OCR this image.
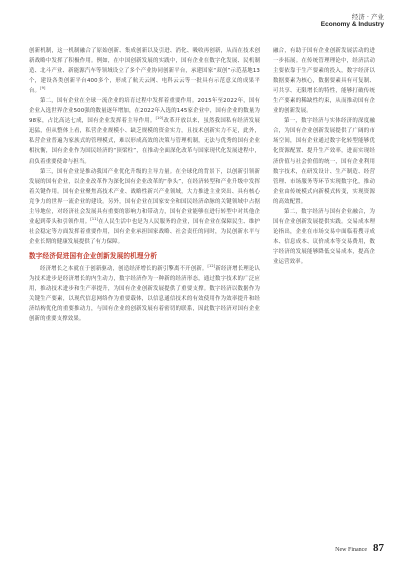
经济 · 产业
Economy & Industry

创新机制，这一机制融合了原始创新、集成创新以及引进、消化、吸收再创新，从而在技术创新战略中发挥了积极作用。例如，在中国创新发展的实践中，国有企业在数字化发展、民机制造、北斗产业、新能源汽车等领域设立了多个产业协同创新平台，承建国家“双创”示范基地13个，建设各类创新平台400多个，形成了航天云网、电科云云等一批具有示范意义的成果平台。[9]

第二，国有企业在全球一流企业的培育过程中发挥着重要作用。2015年至2022年，国有企业入选世界企业500强的数量逐年增加，在2022年入选的145家企业中，国有企业的数量为98家，占比高达七成，国有企业发挥着主导作用。[10]改革开放以来，虽然我国私有经济发展迅猛，但从整体上看，私营企业规模小、缺乏规模的资金实力，且技术创新实力不足，此外，私营企业普遍为家族式的管理模式，难以形成高效的决策与管理机制，无法与优秀的国有企业相抗衡，国有企业作为国民经济的“顶梁柱”，在推动全面深化改革与国家现代化发展进程中，肩负着重要使命与担当。

第三，国有企业是推动我国产业优化升级的主导力量。在全球化的背景下，以创新引领新发展的国有企业，以企业改革作为深化国有企业改革的“拳头”，在经济转型和产业升级中发挥着关键作用。国有企业聚焦高技术产业、战略性新兴产业领域，大力推进主业突出、具有核心竞争力的世界一流企业的建设。另外，国有企业在国家安全和国民经济命脉的关键领域中占据主导地位，对经济社会发展具有重要的影响力和带动力，国有企业能够在进行转型中对其他企业起到带头和引领作用。[11]在人民生活中也是为人民服务的企业，国有企业在保障民生、维护社会稳定等方面发挥着重要作用，国有企业承担国家战略、社会责任的同时，为民创新水平与企业长期的健康发展提供了有力保障。

数字经济促进国有企业创新发展的机理分析

经济增长之本就在于创新驱动，创造经济增长的新引擎离不开创新。[12]新经济增长理论认为技术进步是经济增长的内生动力，数字经济作为一种新的经济形态，通过数字技术的广泛应用，推动技术进步和生产率提升，为国有企业创新发展提供了重要支撑。数字经济以数据作为关键生产要素，以现代信息网络作为重要载体，以信息通信技术的有效使用作为效率提升和经济结构优化的重要推动力，与国有企业的创新发展有着密切的联系，因此数字经济对国有企业创新的重要支撑效果。

融合，有助于国有企业创新发展活动的进一步拓展。在传统管理理论中，经济活动主要依靠于生产要素的投入，数字经济以数据要素为核心，数据要素具有可复制、可共享、无限增长的特性，能够打破传统生产要素的稀缺性约束，从而推动国有企业的创新发展。

第一，数字经济与实体经济的深度融合，为国有企业创新发展提供了广阔的市场空间，国有企业通过数字化转型能够优化资源配置、提升生产效率，进而实现经济价值与社会价值的统一，国有企业利用数字技术，在研发设计、生产制造、经营管理、市场服务等环节实现数字化，推动企业由传统模式向新模式转变，实现资源的高效配置。

第二，数字经济与国有企业融合，为国有企业创新发展提供实践。交易成本理论指出，企业在市场交易中面临着搜寻成本、信息成本、议价成本等交易费用，数字经济的发展能够降低交易成本，提高企业运营效率。

New Finance 87
